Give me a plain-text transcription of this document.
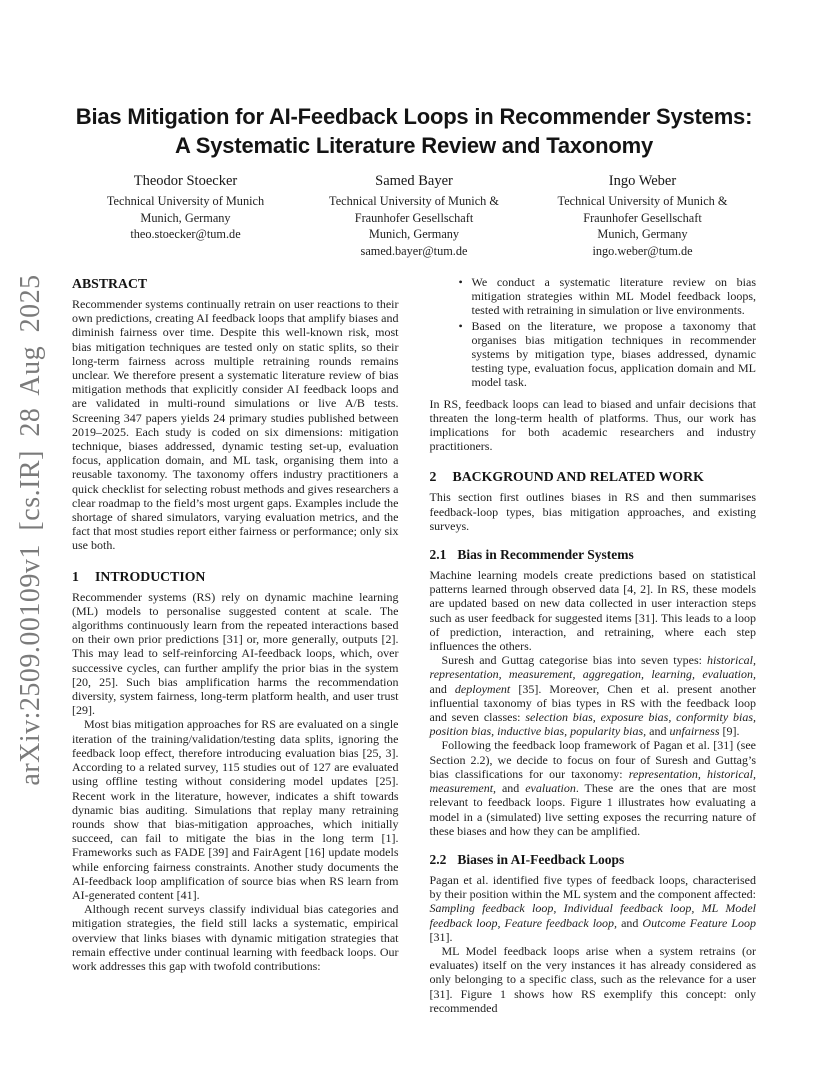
arXiv:2509.00109v1 [cs.IR] 28 Aug 2025
Bias Mitigation for AI-Feedback Loops in Recommender Systems:
A Systematic Literature Review and Taxonomy
Theodor Stoecker
Technical University of Munich
Munich, Germany
theo.stoecker@tum.de
Samed Bayer
Technical University of Munich &
Fraunhofer Gesellschaft
Munich, Germany
samed.bayer@tum.de
Ingo Weber
Technical University of Munich &
Fraunhofer Gesellschaft
Munich, Germany
ingo.weber@tum.de
ABSTRACT

Recommender systems continually retrain on user reactions to their own predictions, creating AI feedback loops that amplify biases and diminish fairness over time. Despite this well-known risk, most bias mitigation techniques are tested only on static splits, so their long-term fairness across multiple retraining rounds remains unclear. We therefore present a systematic literature review of bias mitigation methods that explicitly consider AI feedback loops and are validated in multi-round simulations or live A/B tests. Screening 347 papers yields 24 primary studies published between 2019–2025. Each study is coded on six dimensions: mitigation technique, biases addressed, dynamic testing set-up, evaluation focus, application domain, and ML task, organising them into a reusable taxonomy. The taxonomy offers industry practitioners a quick checklist for selecting robust methods and gives researchers a clear roadmap to the field’s most urgent gaps. Examples include the shortage of shared simulators, varying evaluation metrics, and the fact that most studies report either fairness or performance; only six use both.

1 INTRODUCTION

Recommender systems (RS) rely on dynamic machine learning (ML) models to personalise suggested content at scale. The algorithms continuously learn from the repeated interactions based on their own prior predictions [31] or, more generally, outputs [2]. This may lead to self-reinforcing AI-feedback loops, which, over successive cycles, can further amplify the prior bias in the system [20, 25]. Such bias amplification harms the recommendation diversity, system fairness, long-term platform health, and user trust [29].

Most bias mitigation approaches for RS are evaluated on a single iteration of the training/validation/testing data splits, ignoring the feedback loop effect, therefore introducing evaluation bias [25, 3]. According to a related survey, 115 studies out of 127 are evaluated using offline testing without considering model updates [25]. Recent work in the literature, however, indicates a shift towards dynamic bias auditing. Simulations that replay many retraining rounds show that bias-mitigation approaches, which initially succeed, can fail to mitigate the bias in the long term [1]. Frameworks such as FADE [39] and FairAgent [16] update models while enforcing fairness constraints. Another study documents the AI-feedback loop amplification of source bias when RS learn from AI-generated content [41].

Although recent surveys classify individual bias categories and mitigation strategies, the field still lacks a systematic, empirical overview that links biases with dynamic mitigation strategies that remain effective under continual learning with feedback loops. Our work addresses this gap with twofold contributions:

• We conduct a systematic literature review on bias mitigation strategies within ML Model feedback loops, tested with retraining in simulation or live environments.
• Based on the literature, we propose a taxonomy that organises bias mitigation techniques in recommender systems by mitigation type, biases addressed, dynamic testing type, evaluation focus, application domain and ML model task.

In RS, feedback loops can lead to biased and unfair decisions that threaten the long-term health of platforms. Thus, our work has implications for both academic researchers and industry practitioners.

2 BACKGROUND AND RELATED WORK

This section first outlines biases in RS and then summarises feedback-loop types, bias mitigation approaches, and existing surveys.

2.1 Bias in Recommender Systems

Machine learning models create predictions based on statistical patterns learned through observed data [4, 2]. In RS, these models are updated based on new data collected in user interaction steps such as user feedback for suggested items [31]. This leads to a loop of prediction, interaction, and retraining, where each step influences the others.

Suresh and Guttag categorise bias into seven types: historical, representation, measurement, aggregation, learning, evaluation, and deployment [35]. Moreover, Chen et al. present another influential taxonomy of bias types in RS with the feedback loop and seven classes: selection bias, exposure bias, conformity bias, position bias, inductive bias, popularity bias, and unfairness [9].

Following the feedback loop framework of Pagan et al. [31] (see Section 2.2), we decide to focus on four of Suresh and Guttag’s bias classifications for our taxonomy: representation, historical, measurement, and evaluation. These are the ones that are most relevant to feedback loops. Figure 1 illustrates how evaluating a model in a (simulated) live setting exposes the recurring nature of these biases and how they can be amplified.

2.2 Biases in AI-Feedback Loops

Pagan et al. identified five types of feedback loops, characterised by their position within the ML system and the component affected: Sampling feedback loop, Individual feedback loop, ML Model feedback loop, Feature feedback loop, and Outcome Feature Loop [31].

ML Model feedback loops arise when a system retrains (or evaluates) itself on the very instances it has already considered as only belonging to a specific class, such as the relevance for a user [31]. Figure 1 shows how RS exemplify this concept: only recommended
